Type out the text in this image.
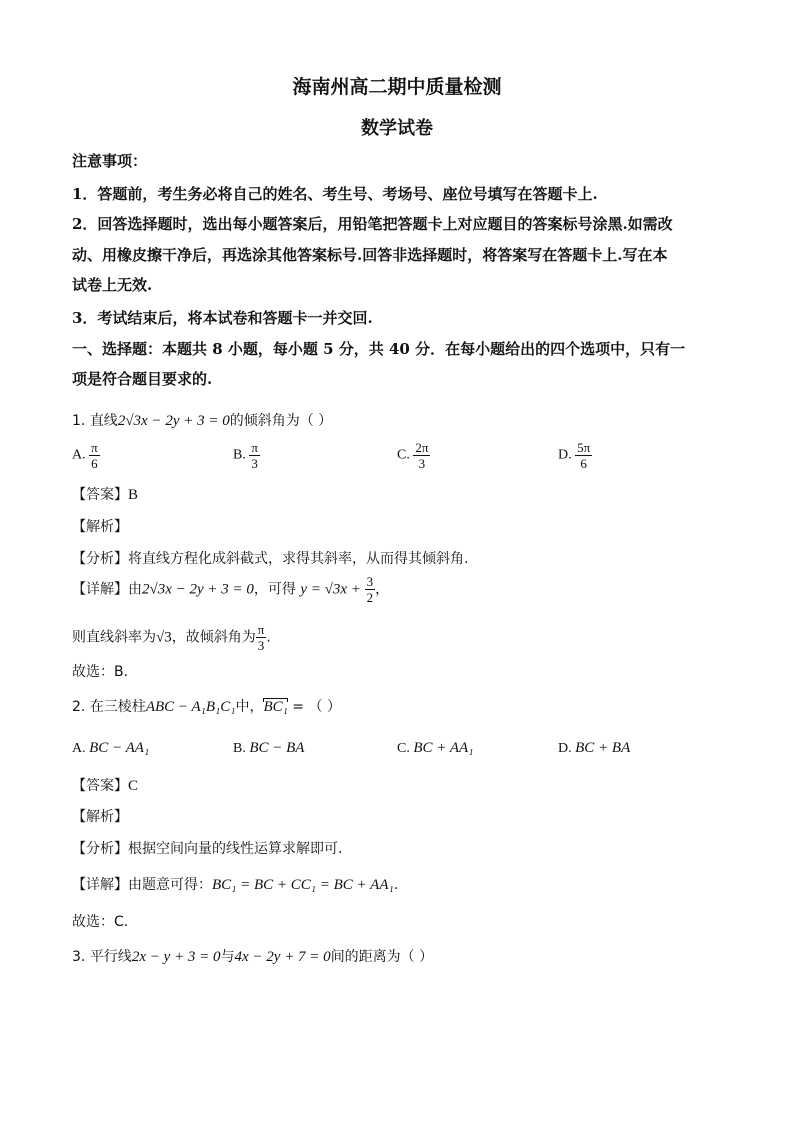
海南州高二期中质量检测
数学试卷
注意事项：
1．答题前，考生务必将自己的姓名、考生号、考场号、座位号填写在答题卡上.
2．回答选择题时，选出每小题答案后，用铅笔把答题卡上对应题目的答案标号涂黑.如需改
动、用橡皮擦干净后，再选涂其他答案标号.回答非选择题时，将答案写在答题卡上.写在本
试卷上无效.
3．考试结束后，将本试卷和答题卡一并交回.
一、选择题：本题共 8 小题，每小题 5 分，共 40 分．在每小题给出的四个选项中，只有一
项是符合题目要求的.
1. 直线2√3x − 2y + 3 = 0的倾斜角为（ ）
A. $\frac{\pi}{6}$	B. $\frac{\pi}{3}$	C. $\frac{2\pi}{3}$	D. $\frac{5\pi}{6}$
【答案】B
【解析】
【分析】将直线方程化成斜截式，求得其斜率，从而得其倾斜角.
【详解】由2√3x − 2y + 3 = 0，可得 $y = √3x + \frac{3}{2}$ ，
则直线斜率为√3，故倾斜角为 $\frac{\pi}{3}$ .
故选：B.
2. 在三棱柱ABC − A₁B₁C₁中，BC₁ = （ ）
A. BC − AA₁	B. BC − BA	C. BC + AA₁	D. BC + BA
【答案】C
【解析】
【分析】根据空间向量的线性运算求解即可.
【详解】由题意可得：BC₁ = BC + CC₁ = BC + AA₁.
故选：C.
3. 平行线2x − y + 3 = 0与4x − 2y + 7 = 0间的距离为（ ）
